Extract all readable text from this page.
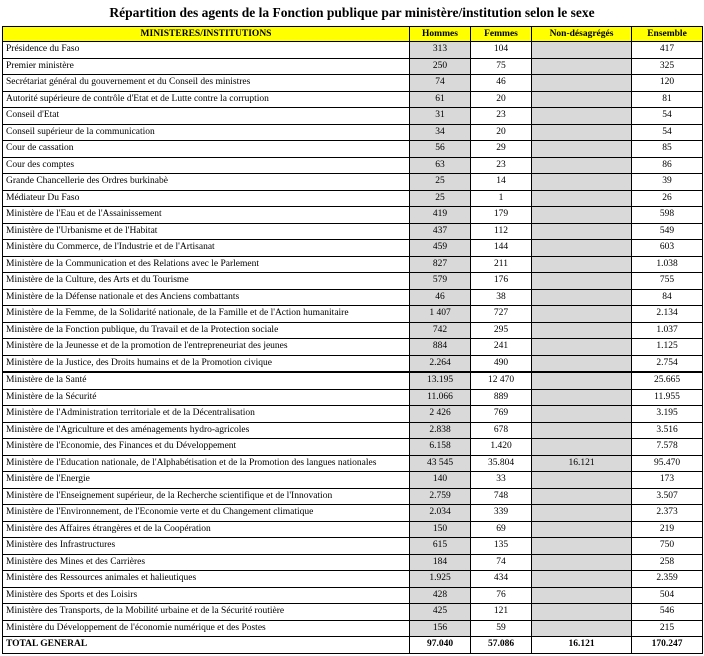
Répartition des agents de la Fonction publique par ministère/institution selon le sexe
MINISTERES/INSTITUTIONS	Hommes	Femmes	Non-désagrégés	Ensemble
Présidence du Faso	313	104		417
Premier ministère	250	75		325
Secrétariat général du gouvernement et du Conseil des ministres	74	46		120
Autorité supérieure de contrôle d'Etat et de Lutte contre la corruption	61	20		81
Conseil d'Etat	31	23		54
Conseil supérieur de la communication	34	20		54
Cour de cassation	56	29		85
Cour des comptes	63	23		86
Grande Chancellerie des Ordres burkinabè	25	14		39
Médiateur Du Faso	25	1		26
Ministère de l'Eau et de l'Assainissement	419	179		598
Ministère de l'Urbanisme et de l'Habitat	437	112		549
Ministère du Commerce, de l'Industrie et de l'Artisanat	459	144		603
Ministère de la Communication et des Relations avec le Parlement	827	211		1.038
Ministère de la Culture, des Arts et du Tourisme	579	176		755
Ministère de la Défense nationale et des Anciens combattants	46	38		84
Ministère de la Femme, de la Solidarité nationale, de la Famille et de l'Action humanitaire	1 407	727		2.134
Ministère de la Fonction publique, du Travail et de la Protection sociale	742	295		1.037
Ministère de la Jeunesse et de la promotion de l'entrepreneuriat des jeunes	884	241		1.125
Ministère de la Justice, des Droits humains et de la Promotion civique	2.264	490		2.754
Ministère de la Santé	13.195	12 470		25.665
Ministère de la Sécurité	11.066	889		11.955
Ministère de l'Administration territoriale et de la Décentralisation	2 426	769		3.195
Ministère de l'Agriculture et des aménagements hydro-agricoles	2.838	678		3.516
Ministère de l'Economie, des Finances et du Développement	6.158	1.420		7.578
Ministère de l'Education nationale, de l'Alphabétisation et de la Promotion des langues nationales	43 545	35.804	16.121	95.470
Ministère de l'Energie	140	33		173
Ministère de l'Enseignement supérieur, de la Recherche scientifique et de l'Innovation	2.759	748		3.507
Ministère de l'Environnement, de l'Economie verte et du Changement climatique	2.034	339		2.373
Ministère des Affaires étrangères et de la Coopération	150	69		219
Ministère des Infrastructures	615	135		750
Ministère des Mines et des Carrières	184	74		258
Ministère des Ressources animales et halieutiques	1.925	434		2.359
Ministère des Sports et des Loisirs	428	76		504
Ministère des Transports, de la Mobilité urbaine et de la Sécurité routière	425	121		546
Ministère du Développement de l'économie numérique et des Postes	156	59		215
TOTAL GENERAL	97.040	57.086	16.121	170.247
